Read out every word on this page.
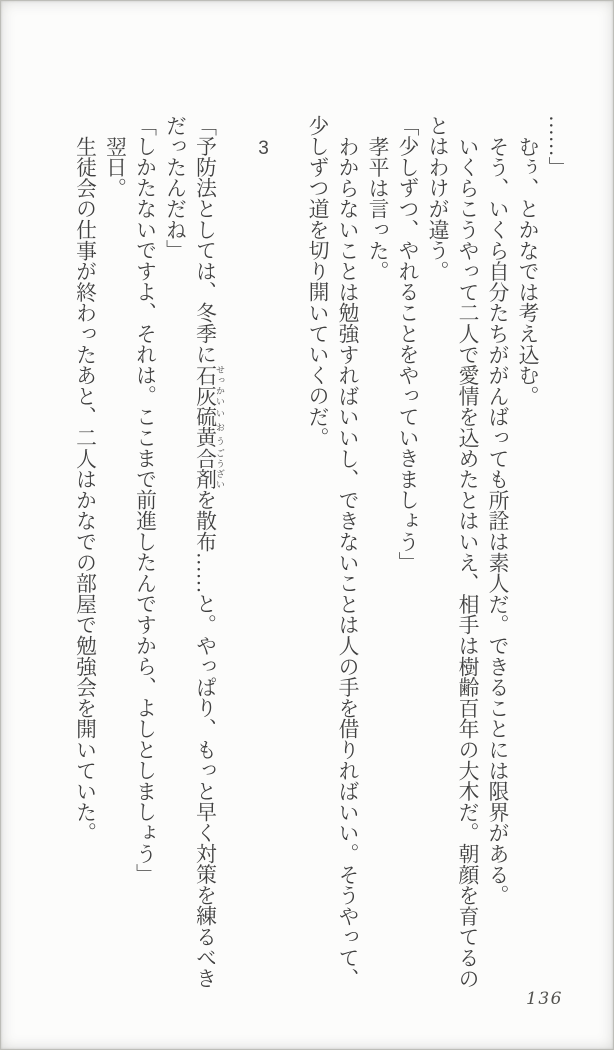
……」

むぅ、とかなでは考え込む。

そう、いくら自分たちががんばっても所詮は素人だ。できることには限界がある。

いくらこうやって二人で愛情を込めたとはいえ、相手は樹齢百年の大木だ。朝顔を育てるのとはわけが違う。

「少しずつ、やれることをやっていきましょう」

孝平は言った。

わからないことは勉強すればいいし、できないことは人の手を借りればいい。そうやって、少しずつ道を切り開いていくのだ。

3

「予防法としては、冬季に石灰 せっかい硫黄 いおう合剤 ごうざいを散布……と。やっぱり、もっと早く対策を練るべきだったんだね」

「しかたないですよ、それは。ここまで前進したんですから、よしとしましょう」

翌日。

生徒会の仕事が終わったあと、二人はかなでの部屋で勉強会を開いていた。

136
